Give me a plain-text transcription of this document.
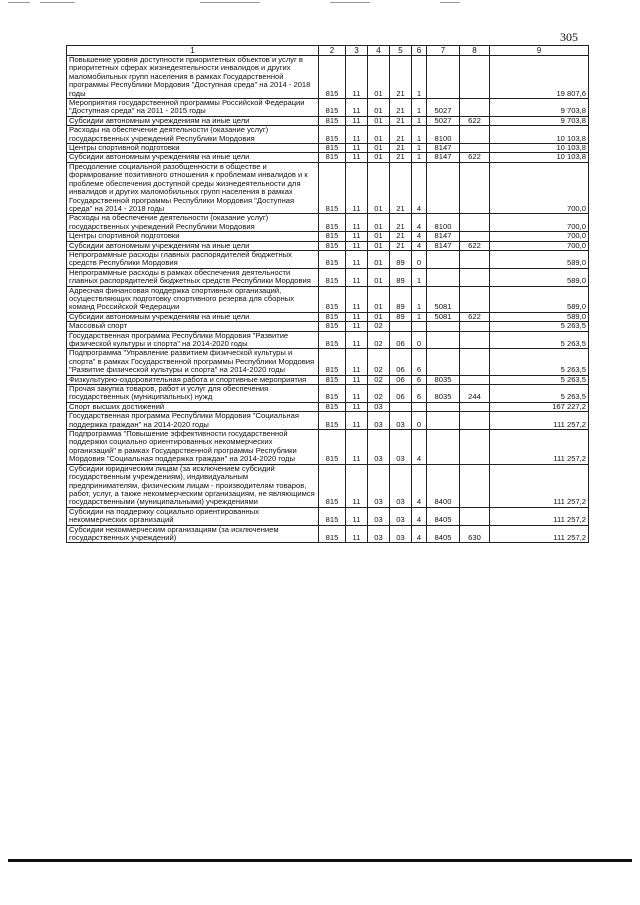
305
1	2	3	4	5	6	7	8	9
Повышение уровня доступности приоритетных объектов и услуг в приоритетных сферах жизнедеятельности инвалидов и других маломобильных групп населения в рамках Государственной программы Республики Мордовия "Доступная среда" на 2014 - 2018 годы	815	11	01	21	1			19 807,6
Мероприятия государственной программы Российской Федерации "Доступная среда" на 2011 - 2015 годы	815	11	01	21	1	5027		9 703,8
Субсидии автономным учреждениям на иные цели	815	11	01	21	1	5027	622	9 703,8
Расходы на обеспечение деятельности (оказание услуг) государственных учреждений Республики Мордовия	815	11	01	21	1	8100		10 103,8
Центры спортивной подготовки	815	11	01	21	1	8147		10 103,8
Субсидии автономным учреждениям на иные цели	815	11	01	21	1	8147	622	10 103,8
Преодоление социальной разобщенности в обществе и формирование позитивного отношения к проблемам инвалидов и к проблеме обеспечения доступной среды жизнедеятельности для инвалидов и других маломобильных групп населения в рамках Государственной программы Республики Мордовия "Доступная среда" на 2014 - 2018 годы	815	11	01	21	4			700,0
Расходы на обеспечение деятельности (оказание услуг) государственных учреждений Республики Мордовия	815	11	01	21	4	8100		700,0
Центры спортивной подготовки	815	11	01	21	4	8147		700,0
Субсидии автономным учреждениям на иные цели	815	11	01	21	4	8147	622	700,0
Непрограммные расходы главных распорядителей бюджетных средств Республики Мордовия	815	11	01	89	0			589,0
Непрограммные расходы в рамках обеспечения деятельности главных распорядителей бюджетных средств Республики Мордовия	815	11	01	89	1			589,0
Адресная финансовая поддержка спортивных организаций, осуществляющих подготовку спортивного резерва для сборных команд Российской Федерации	815	11	01	89	1	5081		589,0
Субсидии автономным учреждениям на иные цели	815	11	01	89	1	5081	622	589,0
Массовый спорт	815	11	02					5 263,5
Государственная программа Республики Мордовия "Развитие физической культуры и спорта" на 2014-2020 годы	815	11	02	06	0			5 263,5
Подпрограмма "Управление развитием физической культуры и спорта" в рамках Государственной программы Республики Мордовия "Развитие физической культуры и спорта" на 2014-2020 годы	815	11	02	06	6			5 263,5
Физкультурно-оздоровительная работа и спортивные мероприятия	815	11	02	06	6	8035		5 263,5
Прочая закупка товаров, работ и услуг для обеспечения государственных (муниципальных) нужд	815	11	02	06	6	8035	244	5 263,5
Спорт высших достижений	815	11	03					167 227,2
Государственная программа Республики Мордовия "Социальная поддержка граждан" на 2014-2020 годы	815	11	03	03	0			111 257,2
Подпрограмма "Повышение эффективности государственной поддержки социально ориентированных некоммерческих организаций" в рамках Государственной программы Республики Мордовия "Социальная поддержка граждан" на 2014-2020 годы	815	11	03	03	4			111 257,2
Субсидии юридическим лицам (за исключением субсидий государственным учреждениям), индивидуальным предпринимателям, физическим лицам - производителям товаров, работ, услуг, а также некоммерческим организациям, не являющимся государственными (муниципальными) учреждениями	815	11	03	03	4	8400		111 257,2
Субсидии на поддержку социально ориентированных некоммерческих организаций	815	11	03	03	4	8405		111 257,2
Субсидии некоммерческим организациям (за исключением государственных учреждений)	815	11	03	03	4	8405	630	111 257,2
